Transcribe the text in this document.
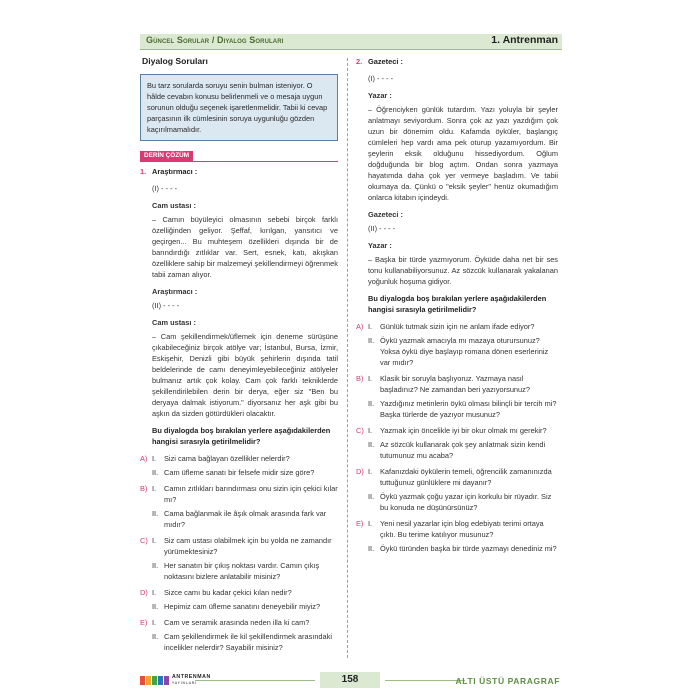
Güncel Sorular / Diyalog Soruları	1. Antrenman
Diyalog Soruları
Bu tarz sorularda soruyu senin bulman isteniyor. O hâlde cevabın konusu belirlenmeli ve o mesaja uygun sorunun olduğu seçenek işaretlenmelidir. Tabii ki cevap parçasının ilk cümlesinin soruya uygunluğu gözden kaçırılmamalıdır.
DERİN ÇÖZÜM
1. Araştırmacı :
(I) - - - -
Cam ustası :
– Camın büyüleyici olmasının sebebi birçok farklı özelliğinden geliyor. Şeffaf, kırılgan, yansıtıcı ve geçirgen... Bu muhteşem özellikleri dışında bir de barındırdığı zıtlıklar var. Sert, esnek, katı, akışkan özelliklere sahip bir malzemeyi şekillendirmeyi öğrenmek tabii zaman alıyor.
Araştırmacı :
(II) - - - -
Cam ustası :
– Cam şekillendirmek/üflemek için deneme sürüşüne çıkabileceğiniz birçok atölye var; İstanbul, Bursa, İzmir, Eskişehir, Denizli gibi büyük şehirlerin dışında tatil beldelerinde de camı deneyimleyebileceğiniz atölyeler bulmanız artık çok kolay. Cam çok farklı tekniklerde şekillendirilebilen derin bir derya, eğer siz "Ben bu deryaya dalmak istiyorum." diyorsanız her aşk gibi bu aşkın da sizden götürdükleri olacaktır.
Bu diyalogda boş bırakılan yerlere aşağıdakilerden hangisi sırasıyla getirilmelidir?
A) I.	Sizi cama bağlayan özellikler nelerdir?
II. Cam üfleme sanatı bir felsefe midir size göre?
B) I.	Camın zıtlıkları barındırması onu sizin için çekici kılar mı?
II. Cama bağlanmak ile âşık olmak arasında fark var mıdır?
C) I.	Siz cam ustası olabilmek için bu yolda ne zamandır yürümektesiniz?
II. Her sanatın bir çıkış noktası vardır. Camın çıkış noktasını bizlere anlatabilir misiniz?
D) I.	Sizce camı bu kadar çekici kılan nedir?
II. Hepimiz cam üfleme sanatını deneyebilir miyiz?
E) I.	Cam ve seramik arasında neden illa ki cam?
II. Cam şekillendirmek ile kil şekillendirmek arasındaki incelikler nelerdir? Sayabilir misiniz?
2. Gazeteci :
(I) - - - -
Yazar :
– Öğrenciyken günlük tutardım. Yazı yoluyla bir şeyler anlatmayı seviyordum. Sonra çok az yazı yazdığım çok uzun bir dönemim oldu. Kafamda öyküler, başlangıç cümleleri hep vardı ama pek oturup yazamıyordum. Bir şeylerin eksik olduğunu hissediyordum. Oğlum doğduğunda bir blog açtım. Ondan sonra yazmaya hayatımda daha çok yer vermeye başladım. Ve tabii okumaya da. Çünkü o "eksik şeyler" henüz okumadığım onlarca kitabın içindeydi.
Gazeteci :
(II) - - - -
Yazar :
– Başka bir türde yazmıyorum. Öyküde daha net bir ses tonu kullanabiliyorsunuz. Az sözcük kullanarak yakalanan yoğunluk hoşuma gidiyor.
Bu diyalogda boş bırakılan yerlere aşağıdakilerden hangisi sırasıyla getirilmelidir?
A) I.	Günlük tutmak sizin için ne anlam ifade ediyor?
II. Öykü yazmak amacıyla mı mazaya oturursunuz? Yoksa öykü diye başlayıp romana dönen eserleriniz var mıdır?
B) I.	Klasik bir soruyla başlıyoruz. Yazmaya nasıl başladınız? Ne zamandan beri yazıyorsunuz?
II. Yazdığınız metinlerin öykü olması bilinçli bir tercih mi? Başka türlerde de yazıyor musunuz?
C) I.	Yazmak için öncelikle iyi bir okur olmak mı gerekir?
II. Az sözcük kullanarak çok şey anlatmak sizin kendi tutumunuz mu acaba?
D) I.	Kafanızdaki öykülerin temeli, öğrencilik zamanınızda tuttuğunuz günlüklere mi dayanır?
II. Öykü yazmak çoğu yazar için korkulu bir rüyadır. Siz bu konuda ne düşünürsünüz?
E) I.	Yeni nesil yazarlar için blog edebiyatı terimi ortaya çıktı. Bu terime katılıyor musunuz?
II. Öykü türünden başka bir türde yazmayı denediniz mi?
ANTRENMAN
YAYINLARI	158	ALTI ÜSTÜ PARAGRAF
